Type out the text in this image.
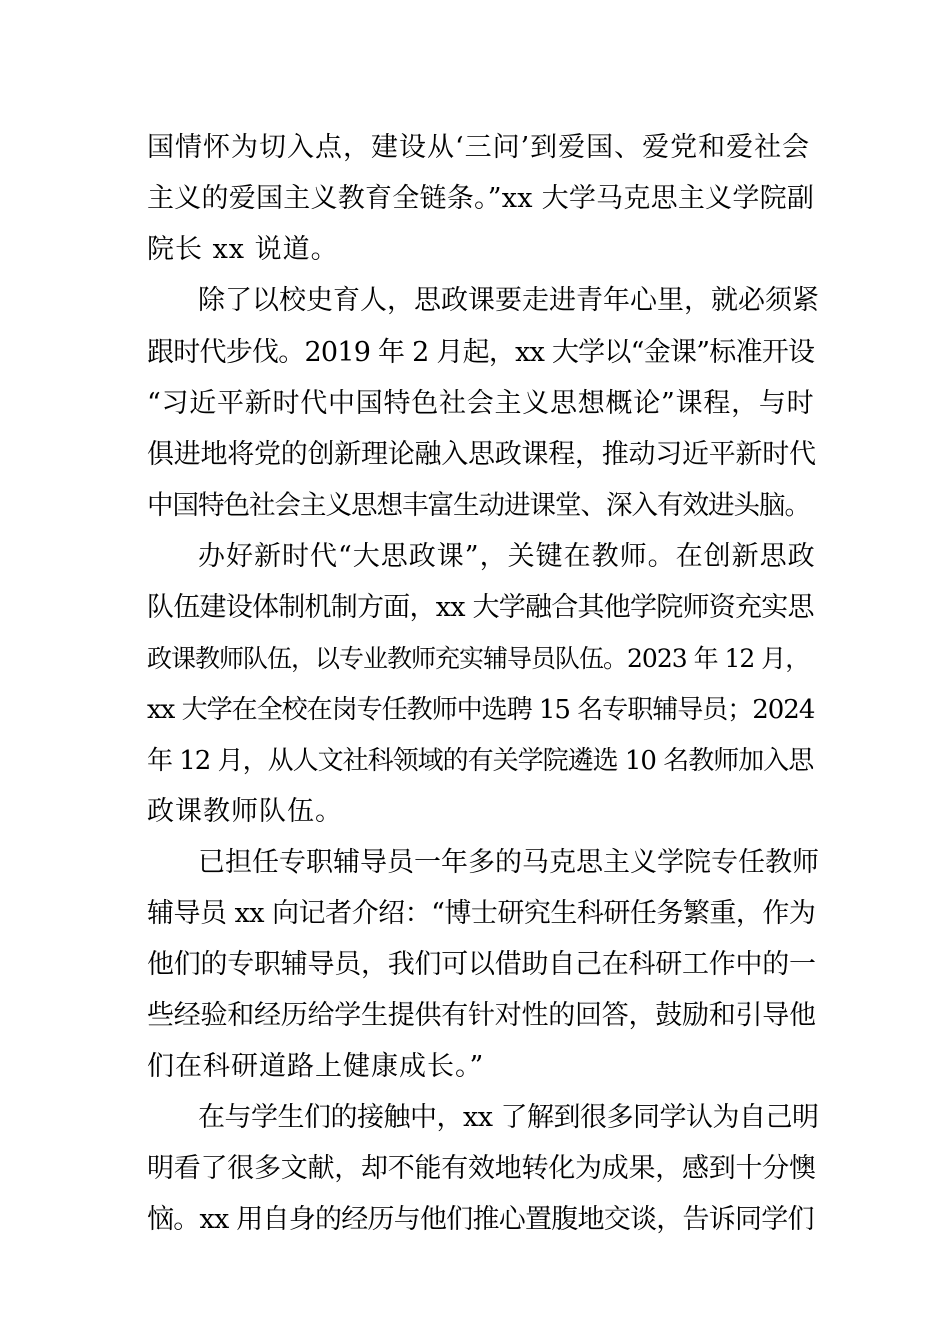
国情怀为切入点，建设从‘三问’到爱国、爱党和爱社会
主义的爱国主义教育全链条。”xx 大学马克思主义学院副
院长 xx 说道。
除了以校史育人，思政课要走进青年心里，就必须紧
跟时代步伐。2019 年 2 月起，xx 大学以“金课”标准开设
“习近平新时代中国特色社会主义思想概论”课程，与时
俱进地将党的创新理论融入思政课程，推动习近平新时代
中国特色社会主义思想丰富生动进课堂、深入有效进头脑。
办好新时代“大思政课”，关键在教师。在创新思政
队伍建设体制机制方面，xx 大学融合其他学院师资充实思
政课教师队伍，以专业教师充实辅导员队伍。2023 年 12 月，
xx 大学在全校在岗专任教师中选聘 15 名专职辅导员；2024
年 12 月，从人文社科领域的有关学院遴选 10 名教师加入思
政课教师队伍。
已担任专职辅导员一年多的马克思主义学院专任教师
辅导员 xx 向记者介绍：“博士研究生科研任务繁重，作为
他们的专职辅导员，我们可以借助自己在科研工作中的一
些经验和经历给学生提供有针对性的回答，鼓励和引导他
们在科研道路上健康成长。”
在与学生们的接触中，xx 了解到很多同学认为自己明
明看了很多文献，却不能有效地转化为成果，感到十分懊
恼。xx 用自身的经历与他们推心置腹地交谈，告诉同学们
